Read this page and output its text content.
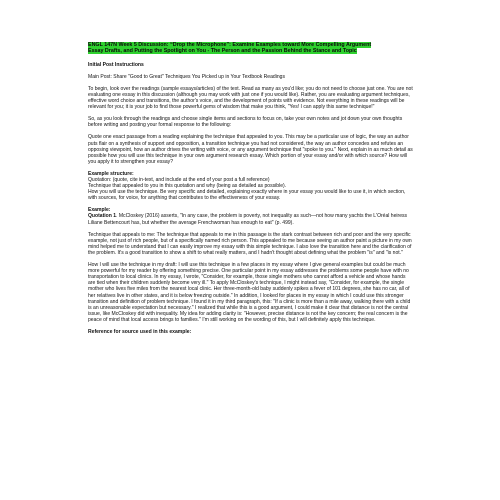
ENGL 147N Week 5 Discussion: “Drop the Microphone”: Examine Examples toward More Compelling Argument Essay Drafts, and Putting the Spotlight on You - The Person and the Passion Behind the Stance and Topic

Initial Post Instructions

Main Post: Share "Good to Great" Techniques You Picked up in Your Textbook Readings

To begin, look over the readings (sample essays/articles) of the text. Read as many as you'd like; you do not need to choose just one. You are not evaluating one essay in this discussion (although you may work with just one if you would like). Rather, you are evaluating argument techniques, effective word choice and transitions, the author's voice, and the development of points with evidence. Not everything in these readings will be relevant for you; it is your job to find those powerful gems of wisdom that make you think, "Yes! I can apply this same technique!"

So, as you look through the readings and choose single items and sections to focus on, take your own notes and jot down your own thoughts before writing and posting your formal response to the following:

Quote one exact passage from a reading explaining the technique that appealed to you. This may be a particular use of logic, the way an author puts flair on a synthesis of support and opposition, a transition technique you had not considered, the way an author concedes and refutes an opposing viewpoint, how an author drives the writing with voice, or any argument technique that "spoke to you." Next, explain in as much detail as possible how you will use this technique in your own argument research essay. Which portion of your essay and/or with which source? How will you apply it to strengthen your essay?

Example structure:

Quotation: (quote, cite in-text, and include at the end of your post a full reference)

Technique that appealed to you in this quotation and why (being as detailed as possible).

How you will use the technique. Be very specific and detailed, explaining exactly where in your essay you would like to use it, in which section, with sources, for voice, for anything that contributes to the effectiveness of your essay.

Example:

Quotation 1. McCloskey (2016) asserts, "In any case, the problem is poverty, not inequality as such—not how many yachts the L'Oréal heiress Liliane Bettencourt has, but whether the average Frenchwoman has enough to eat" (p. 499).

Technique that appeals to me: The technique that appeals to me in this passage is the stark contrast between rich and poor and the very specific example, not just of rich people, but of a specifically named rich person. This appealed to me because seeing an author paint a picture in my own mind helped me to understand that I can easily improve my essay with this simple technique. I also love the transition here and the clarification of the problem. It's a good transition to show a shift to what really matters, and I hadn't thought about defining what the problem "is" and "is not."

How I will use the technique in my draft: I will use this technique in a few places in my essay where I give general examples but could be much more powerful for my reader by offering something precise. One particular point in my essay addresses the problems some people have with no transportation to local clinics. In my essay, I wrote, "Consider, for example, those single mothers who cannot afford a vehicle and whose hands are tied when their children suddenly become very ill." To apply McCloskey's technique, I might instead say, "Consider, for example, the single mother who lives five miles from the nearest local clinic. Her three-month-old baby suddenly spikes a fever of 101 degrees, she has no car, all of her relatives live in other states, and it is below freezing outside." In addition, I looked for places in my essay in which I could use this stronger transition and definition of problem technique. I found it in my third paragraph, this: "If a clinic is more than a mile away, walking there with a child is an unreasonable expectation but necessary." I realized that while this is a good argument, I could make it clear that distance is not the central issue, like McCloskey did with inequality. My idea for adding clarity is: "However, precise distance is not the key concern; the real concern is the peace of mind that local access brings to families." I'm still working on the wording of this, but I will definitely apply this technique.

Reference for source used in this example:
